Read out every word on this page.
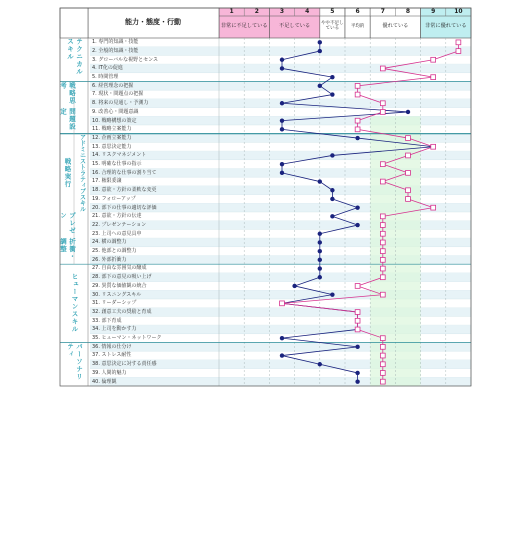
能力・態度・行動
1	2	3	4	5	6	7	8	9	10
非常に不足している	不足している	やや不足している	平均的	優れている	非常に優れている
テクニカルスキル
戦略思考
問題設定
戦略実行	アドミニストラティブスキル
プレゼン
折衝・調整
ヒューマンスキル
パーソナリティ
1. 専門的知識・技能
2. 全般的知識・技能
3. グローバルな視野とセンス
4. IT化の促進
5. 時間管理
6. 経営理念の把握
7. 現状・問題点の把握
8. 将来の見通し・予測力
9. 改善心・問題意識
10. 戦略構想の策定
11. 戦略立案能力
12. 企画立案能力
13. 意思決定能力
14. リスクマネジメント
15. 明確な仕事の指示
16. 合理的な仕事の割り当て
17. 権限委譲
18. 意欲・方針の柔軟な変更
19. フォローアップ
20. 部下の仕事の適切な評価
21. 意欲・方針の伝達
22. プレゼンテーション
23. 上司への意見具申
24. 横の調整力
25. 他部との調整力
26. 外部折衝力
27. 自由な雰囲気の醸成
28. 部下の意見の吸い上げ
29. 異質な価値観の統合
30. リスニングスキル
31. リーダーシップ
32. 創意工夫の奨励と育成
33. 部下育成
34. 上司を動かす力
35. ヒューマン・ネットワーク
36. 情報の仕分け
37. ストレス耐性
38. 意思決定に対する責任感
39. 人間的魅力
40. 倫理観
